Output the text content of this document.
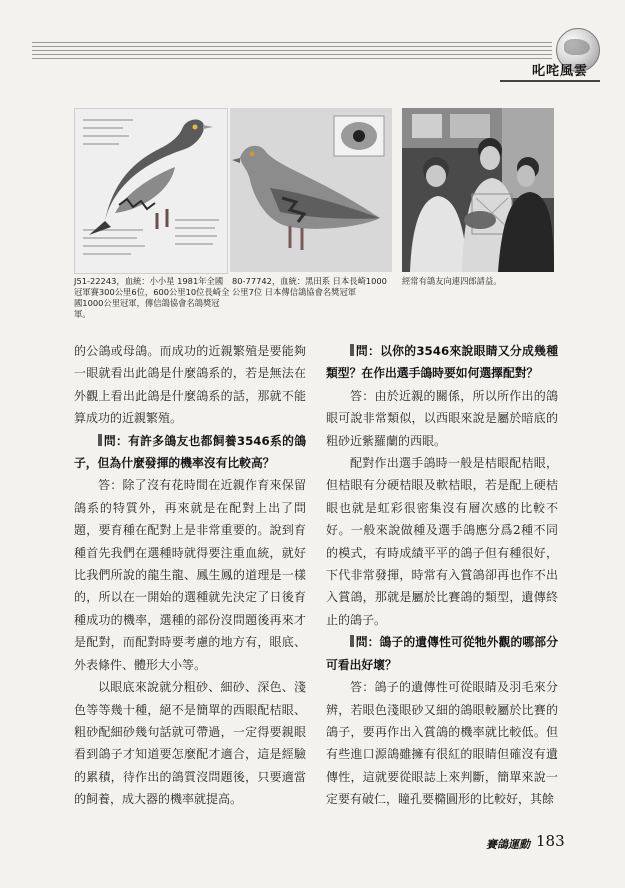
叱咤風雲
J51-22243，血統：小小星 1981年全國冠軍賽300公里6位，600公里10位長崎全國1000公里冠軍，傳信鴿協會名鴿獎冠軍。
80-77742，血統：黑田系 日本長崎1000公里7位 日本傳信鴿協會名獎冠軍
經常有鴿友向連四郎請益。

的公鴿或母鴿。而成功的近親繁殖是要能夠一眼就看出此鴿是什麼鴿系的，若是無法在外觀上看出此鴿是什麼鴿系的話，那就不能算成功的近親繁殖。

問：有許多鴿友也都飼養3546系的鴿子，但為什麼發揮的機率沒有比較高？

答：除了沒有花時間在近親作育來保留鴿系的特質外，再來就是在配對上出了問題，要育種在配對上是非常重要的。說到育種首先我們在選種時就得要注重血統，就好比我們所說的龍生龍、鳳生鳳的道理是一樣的，所以在一開始的選種就先決定了日後育種成功的機率，選種的部份沒問題後再來才是配對，而配對時要考慮的地方有，眼底、外表條件、體形大小等。

以眼底來說就分粗砂、細砂、深色、淺色等等幾十種，絕不是簡單的西眼配桔眼、粗砂配細砂幾句話就可帶過，一定得要親眼看到鴿子才知道要怎麼配才適合，這是經驗的累積，待作出的鴿質沒問題後，只要適當的飼養，成大器的機率就提高。

問：以你的3546來說眼睛又分成幾種類型？在作出選手鴿時要如何選擇配對？

答：由於近親的關係，所以所作出的鴿眼可說非常類似，以西眼來說是屬於暗底的粗砂近紫羅蘭的西眼。

配對作出選手鴿時一般是桔眼配桔眼，但桔眼有分硬桔眼及軟桔眼，若是配上硬桔眼也就是虹彩很密集沒有層次感的比較不好。一般來說做種及選手鴿應分爲2種不同的模式，有時成績平平的鴿子但有種很好，下代非常發揮，時常有入賞鴿卻再也作不出入賞鴿，那就是屬於比賽鴿的類型，遺傳終止的鴿子。

問：鴿子的遺傳性可從牠外觀的哪部分可看出好壞？

答：鴿子的遺傳性可從眼睛及羽毛來分辨，若眼色淺眼砂又細的鴿眼較屬於比賽的鴿子，要再作出入賞鴿的機率就比較低。但有些進口源鴿雖擁有很紅的眼睛但確沒有遺傳性，這就要從眼誌上來判斷，簡單來說一定要有破仁，瞳孔要橢圓形的比較好，其餘

賽鴿運動 183
